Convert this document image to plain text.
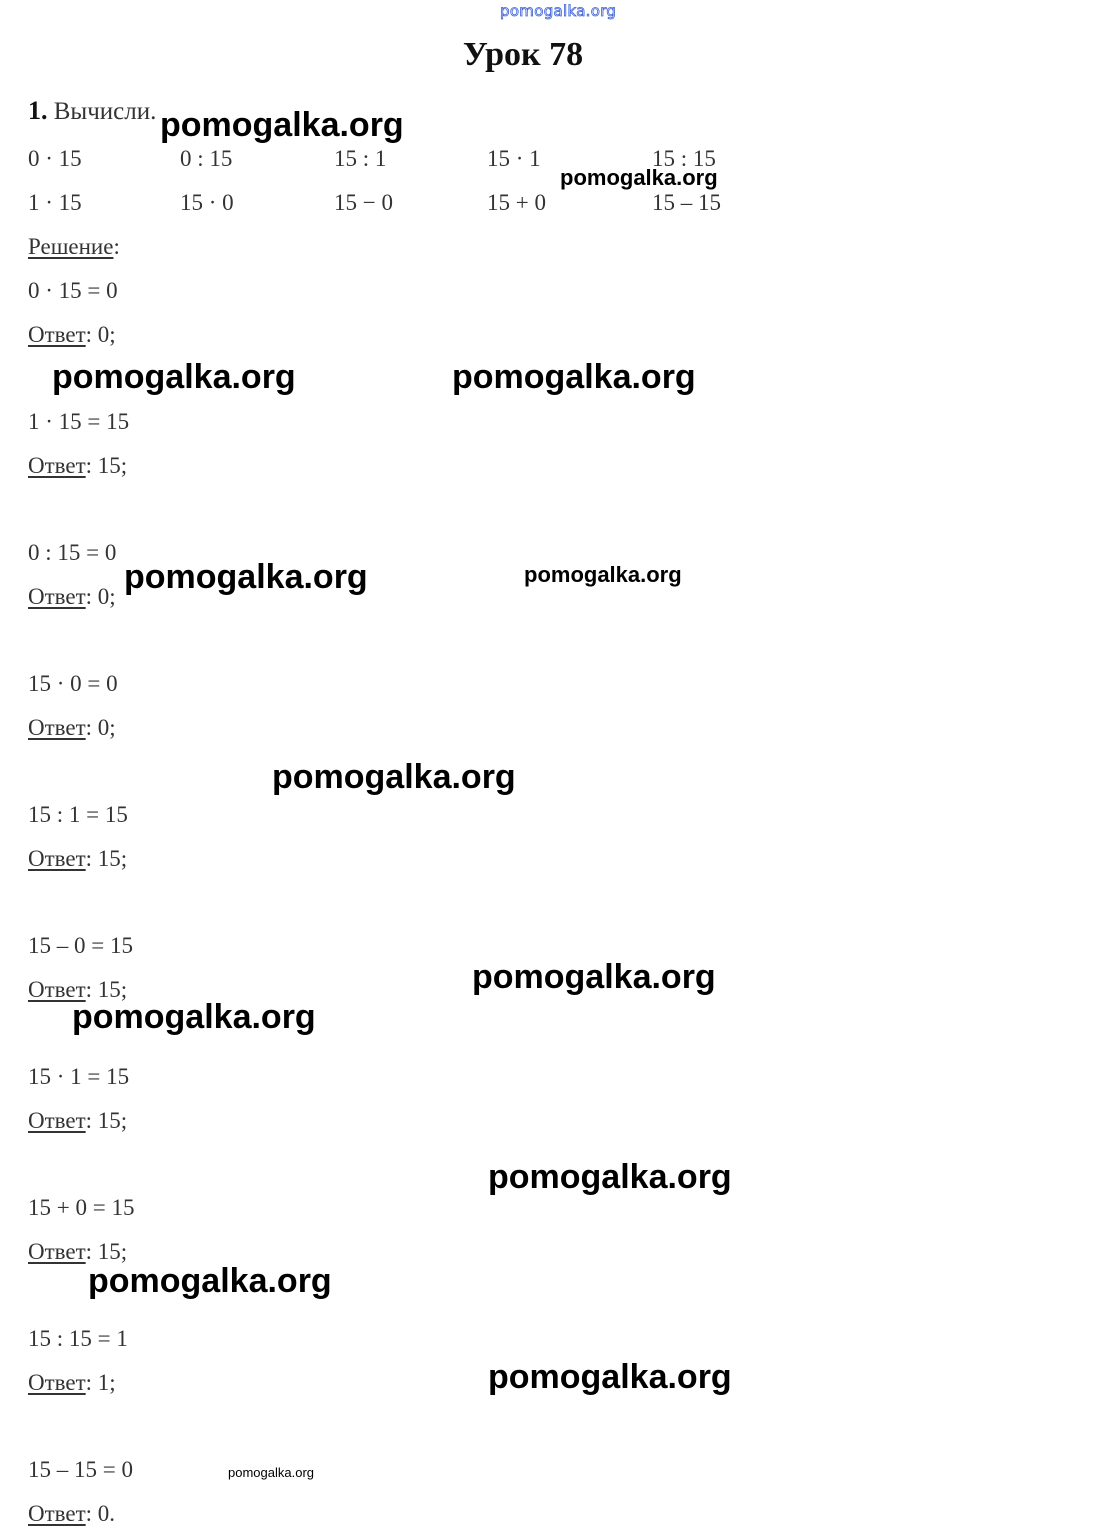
pomogalka.org
Урок 78
1. Вычисли.
0 · 15	0 : 15	15 : 1	15 · 1	15 : 15
1 · 15	15 · 0	15 − 0	15 + 0	15 – 15
Решение:
0 · 15 = 0
Ответ: 0;
1 · 15 = 15
Ответ: 15;
0 : 15 = 0
Ответ: 0;
15 · 0 = 0
Ответ: 0;
15 : 1 = 15
Ответ: 15;
15 – 0 = 15
Ответ: 15;
15 · 1 = 15
Ответ: 15;
15 + 0 = 15
Ответ: 15;
15 : 15 = 1
Ответ: 1;
15 – 15 = 0
Ответ: 0.
pomogalka.org
pomogalka.org
pomogalka.org	pomogalka.org
pomogalka.org	pomogalka.org
pomogalka.org
pomogalka.org
pomogalka.org
pomogalka.org
pomogalka.org
pomogalka.org
pomogalka.org
